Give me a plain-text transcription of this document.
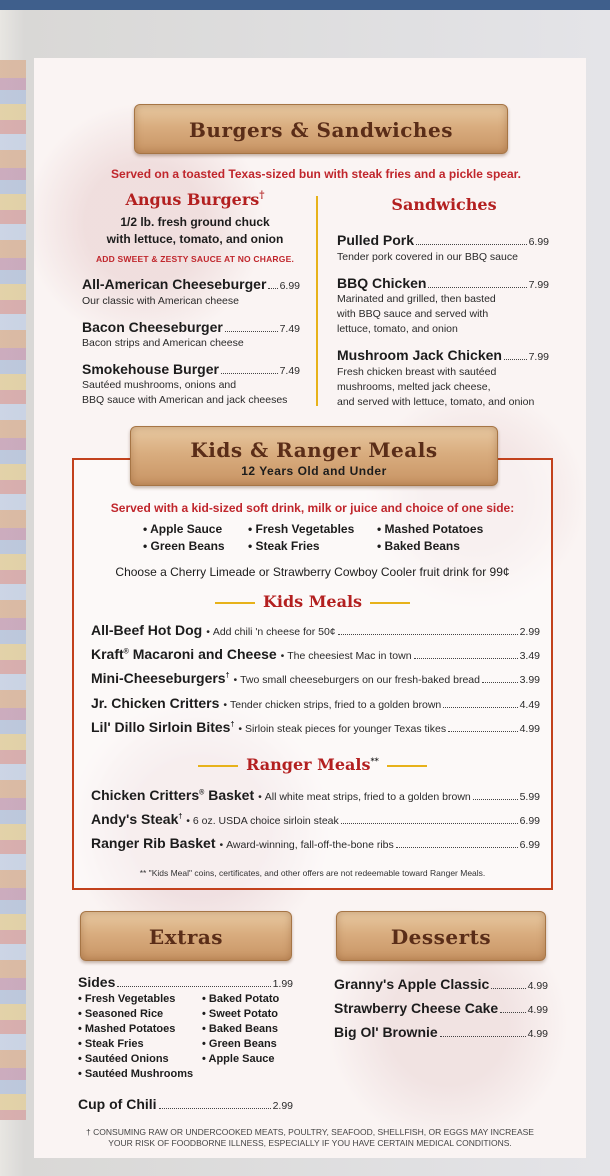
Burgers & Sandwiches
Served on a toasted Texas-sized bun with steak fries and a pickle spear.
Angus Burgers†
1/2 lb. fresh ground chuck
with lettuce, tomato, and onion
ADD SWEET & ZESTY SAUCE AT NO CHARGE.
All-American Cheeseburger 6.99
Our classic with American cheese
Bacon Cheeseburger	7.49
Bacon strips and American cheese
Smokehouse Burger	7.49
Sautéed mushrooms, onions and
BBQ sauce with American and jack cheeses
Sandwiches
Pulled Pork	6.99
Tender pork covered in our BBQ sauce
BBQ Chicken	7.99
Marinated and grilled, then basted
with BBQ sauce and served with
lettuce, tomato, and onion
Mushroom Jack Chicken	7.99
Fresh chicken breast with sautéed
mushrooms, melted jack cheese,
and served with lettuce, tomato, and onion
Kids & Ranger Meals
12 Years Old and Under
Served with a kid-sized soft drink, milk or juice and choice of one side:
• Apple Sauce	• Fresh Vegetables	• Mashed Potatoes
• Green Beans	• Steak Fries	• Baked Beans
Choose a Cherry Limeade or Strawberry Cowboy Cooler fruit drink for 99¢
Kids Meals
All-Beef Hot Dog • Add chili 'n cheese for 50¢	2.99
Kraft® Macaroni and Cheese • The cheesiest Mac in town	3.49
Mini-Cheeseburgers† • Two small cheeseburgers on our fresh-baked bread	3.99
Jr. Chicken Critters • Tender chicken strips, fried to a golden brown	4.49
Lil' Dillo Sirloin Bites† • Sirloin steak pieces for younger Texas tikes	4.99
Ranger Meals**
Chicken Critters® Basket • All white meat strips, fried to a golden brown	5.99
Andy's Steak† • 6 oz. USDA choice sirloin steak	6.99
Ranger Rib Basket • Award-winning, fall-off-the-bone ribs	6.99
** "Kids Meal" coins, certificates, and other offers are not redeemable toward Ranger Meals.
Extras
Sides	1.99
• Fresh Vegetables
• Seasoned Rice
• Mashed Potatoes
• Steak Fries
• Sautéed Onions
• Sautéed Mushrooms
• Baked Potato
• Sweet Potato
• Baked Beans
• Green Beans
• Apple Sauce
Cup of Chili	2.99
Desserts
Granny's Apple Classic	4.99
Strawberry Cheese Cake	4.99
Big Ol' Brownie	4.99
† CONSUMING RAW OR UNDERCOOKED MEATS, POULTRY, SEAFOOD, SHELLFISH, OR EGGS MAY INCREASE
YOUR RISK OF FOODBORNE ILLNESS, ESPECIALLY IF YOU HAVE CERTAIN MEDICAL CONDITIONS.
